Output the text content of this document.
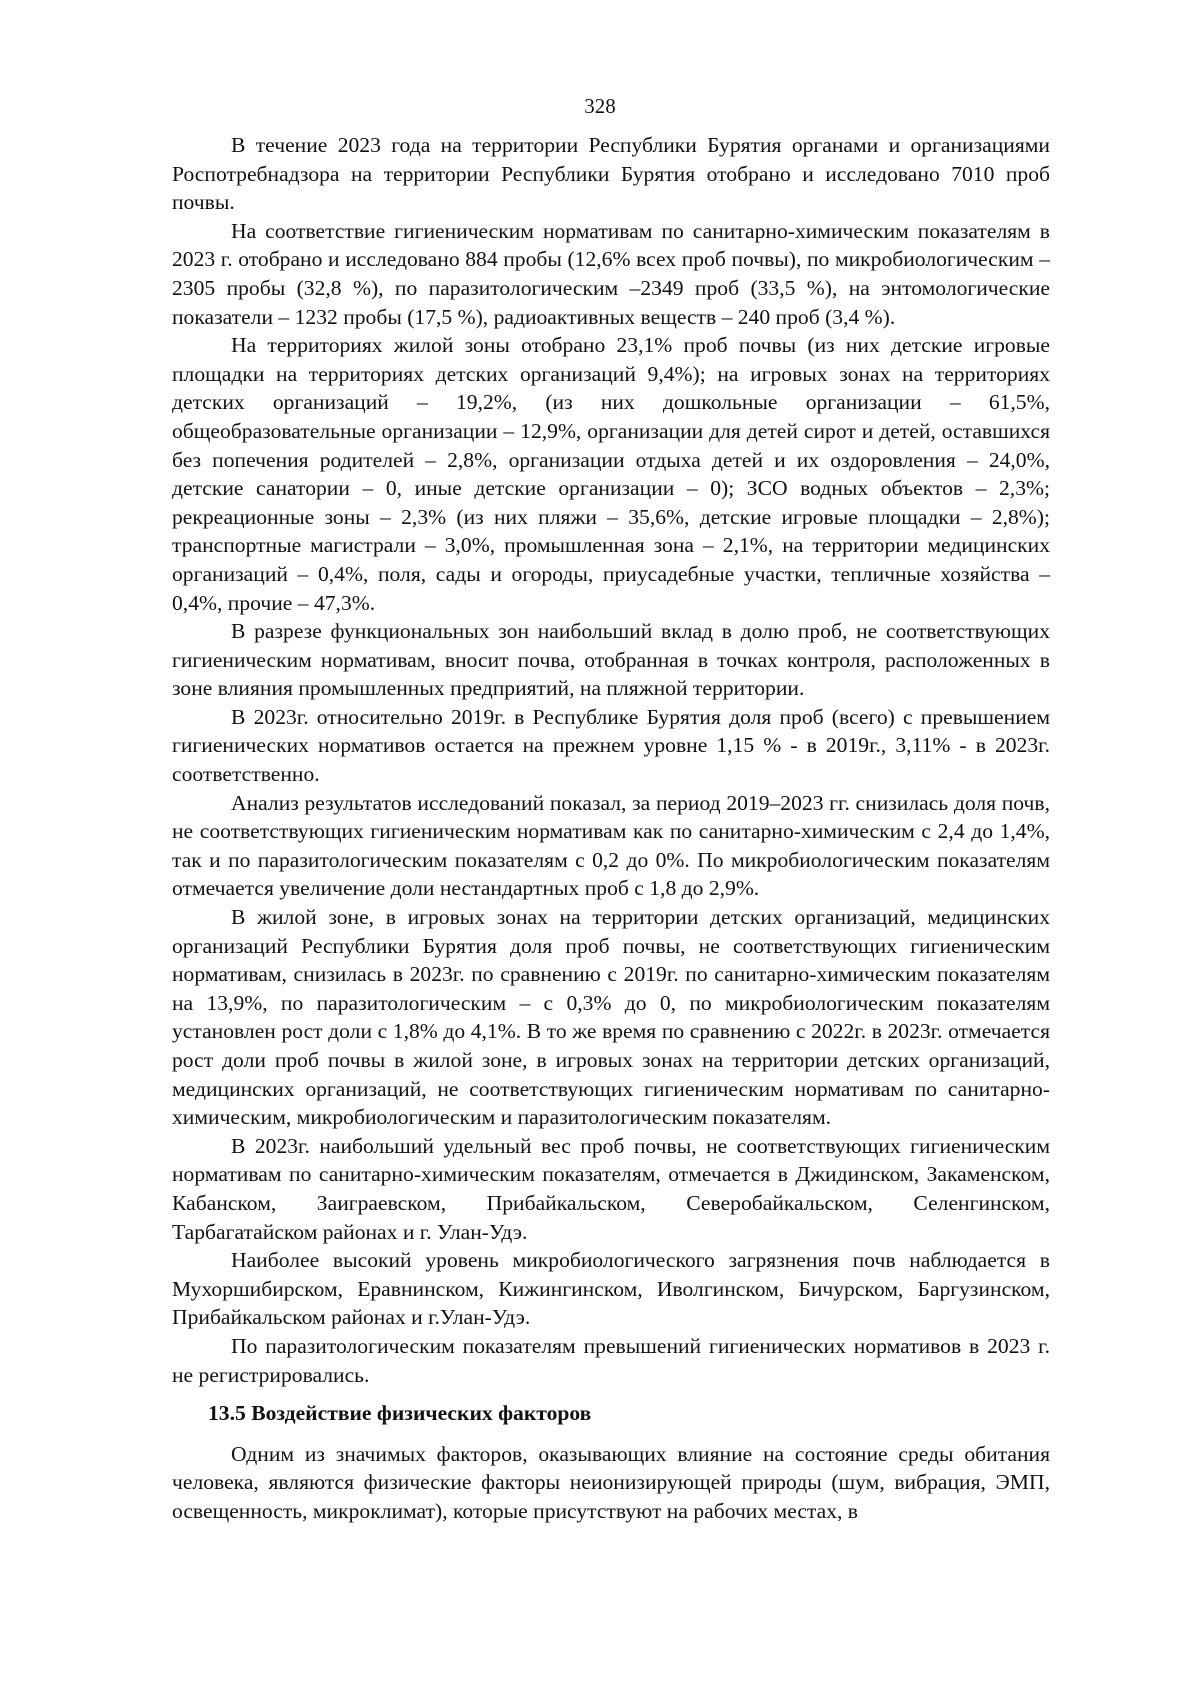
328

В течение 2023 года на территории Республики Бурятия органами и организациями Роспотребнадзора на территории Республики Бурятия отобрано и исследовано 7010 проб почвы.

На соответствие гигиеническим нормативам по санитарно-химическим показателям в 2023 г. отобрано и исследовано 884 пробы (12,6% всех проб почвы), по микробиологическим – 2305 пробы (32,8 %), по паразитологическим –2349 проб (33,5 %), на энтомологические показатели – 1232 пробы (17,5 %), радиоактивных веществ – 240 проб (3,4 %).

На территориях жилой зоны отобрано 23,1% проб почвы (из них детские игровые площадки на территориях детских организаций 9,4%); на игровых зонах на территориях детских организаций – 19,2%, (из них дошкольные организации – 61,5%, общеобразовательные организации – 12,9%, организации для детей сирот и детей, оставшихся без попечения родителей – 2,8%, организации отдыха детей и их оздоровления – 24,0%, детские санатории – 0, иные детские организации – 0); ЗСО водных объектов – 2,3%; рекреационные зоны – 2,3% (из них пляжи – 35,6%, детские игровые площадки – 2,8%); транспортные магистрали – 3,0%, промышленная зона – 2,1%, на территории медицинских организаций – 0,4%, поля, сады и огороды, приусадебные участки, тепличные хозяйства – 0,4%, прочие – 47,3%.

В разрезе функциональных зон наибольший вклад в долю проб, не соответствующих гигиеническим нормативам, вносит почва, отобранная в точках контроля, расположенных в зоне влияния промышленных предприятий, на пляжной территории.

В 2023г. относительно 2019г. в Республике Бурятия доля проб (всего) с превышением гигиенических нормативов остается на прежнем уровне 1,15 % - в 2019г., 3,11% - в 2023г. соответственно.

Анализ результатов исследований показал, за период 2019–2023 гг. снизилась доля почв, не соответствующих гигиеническим нормативам как по санитарно-химическим с 2,4 до 1,4%, так и по паразитологическим показателям с 0,2 до 0%. По микробиологическим показателям отмечается увеличение доли нестандартных проб с 1,8 до 2,9%.

В жилой зоне, в игровых зонах на территории детских организаций, медицинских организаций Республики Бурятия доля проб почвы, не соответствующих гигиеническим нормативам, снизилась в 2023г. по сравнению с 2019г. по санитарно-химическим показателям на 13,9%, по паразитологическим – с 0,3% до 0, по микробиологическим показателям установлен рост доли с 1,8% до 4,1%. В то же время по сравнению с 2022г. в 2023г. отмечается рост доли проб почвы в жилой зоне, в игровых зонах на территории детских организаций, медицинских организаций, не соответствующих гигиеническим нормативам по санитарно-химическим, микробиологическим и паразитологическим показателям.

В 2023г. наибольший удельный вес проб почвы, не соответствующих гигиеническим нормативам по санитарно-химическим показателям, отмечается в Джидинском, Закаменском, Кабанском, Заиграевском, Прибайкальском, Северобайкальском, Селенгинском, Тарбагатайском районах и г. Улан-Удэ.

Наиболее высокий уровень микробиологического загрязнения почв наблюдается в Мухоршибирском, Еравнинском, Кижингинском, Иволгинском, Бичурском, Баргузинском, Прибайкальском районах и г.Улан-Удэ.

По паразитологическим показателям превышений гигиенических нормативов в 2023 г. не регистрировались.

13.5 Воздействие физических факторов

Одним из значимых факторов, оказывающих влияние на состояние среды обитания человека, являются физические факторы неионизирующей природы (шум, вибрация, ЭМП, освещенность, микроклимат), которые присутствуют на рабочих местах, в
